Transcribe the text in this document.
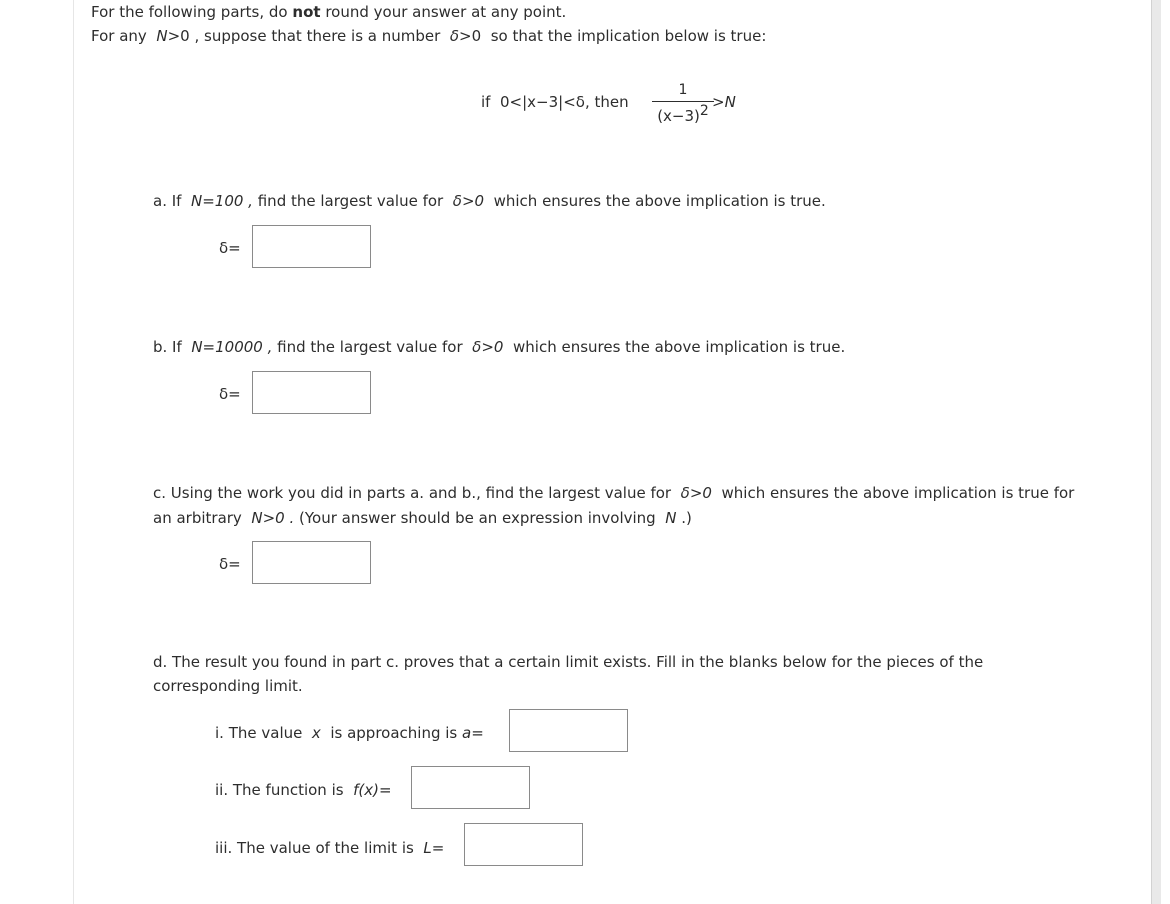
For the following parts, do not round your answer at any point.
For any N>0 , suppose that there is a number δ>0 so that the implication below is true:
if 0<|x−3|<δ, then
1
$(x-3)^2 >N$
a. If N=100 , find the largest value for δ>0 which ensures the above implication is true.
δ=
b. If N=10000 , find the largest value for δ>0 which ensures the above implication is true.
δ=
c. Using the work you did in parts a. and b., find the largest value for δ>0 which ensures the above implication is true for
an arbitrary N>0 . (Your answer should be an expression involving N .)
δ=
d. The result you found in part c. proves that a certain limit exists. Fill in the blanks below for the pieces of the
corresponding limit.
i. The value x is approaching is a=
ii. The function is f(x)=
iii. The value of the limit is L=
